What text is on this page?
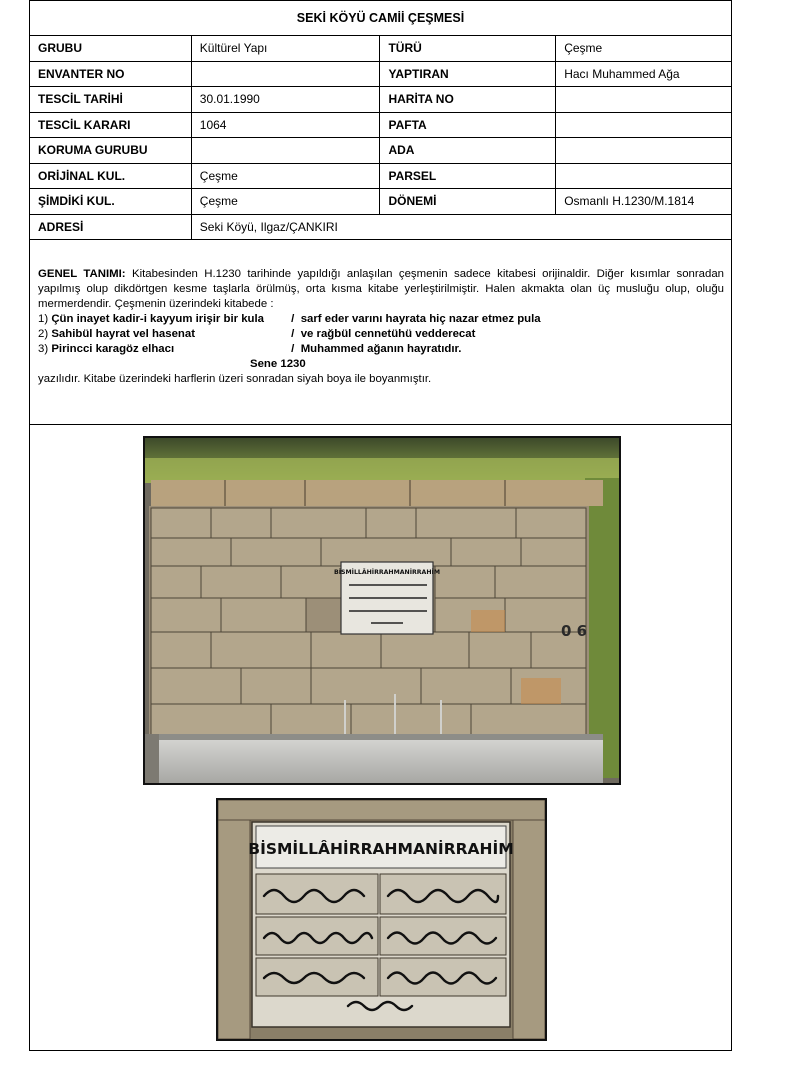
SEKİ KÖYÜ CAMİİ ÇEŞMESİ			
GRUBU	Kültürel Yapı	TÜRÜ	Çeşme
ENVANTER NO		YAPTIRAN	Hacı Muhammed Ağa
TESCİL TARİHİ	30.01.1990	HARİTA NO	
TESCİL KARARI	1064	PAFTA	
KORUMA GURUBU		ADA	
ORİJİNAL KUL.	Çeşme	PARSEL	
ŞİMDİKİ KUL.	Çeşme	DÖNEMİ	Osmanlı H.1230/M.1814
ADRESİ	Seki Köyü, Ilgaz/ÇANKIRI		
GENEL TANIMI: Kitabesinden H.1230 tarihinde yapıldığı anlaşılan çeşmenin sadece kitabesi orijinaldir. Diğer kısımlar sonradan yapılmış olup dikdörtgen kesme taşlarla örülmüş, orta kısma kitabe yerleştirilmiştir. Halen akmakta olan üç musluğu olup, oluğu mermerdendir. Çeşmenin üzerindeki kitabede :
1) Çün inayet kadir-i kayyum irişir bir kula	/ sarf eder varını hayrata hiç nazar etmez pula
2) Sahibül hayrat vel hasenat	/ ve rağbül cennetühü vedderecat
3) Pirincci karagöz elhacı	/ Muhammed ağanın hayratıdır.
Sene 1230
yazılıdır. Kitabe üzerindeki harflerin üzeri sonradan siyah boya ile boyanmıştır.
BİSMİLLÂHİRRAHMANİRRAHİM
0 6
BİSMİLLÂHİRRAHMANİRRAHİM
